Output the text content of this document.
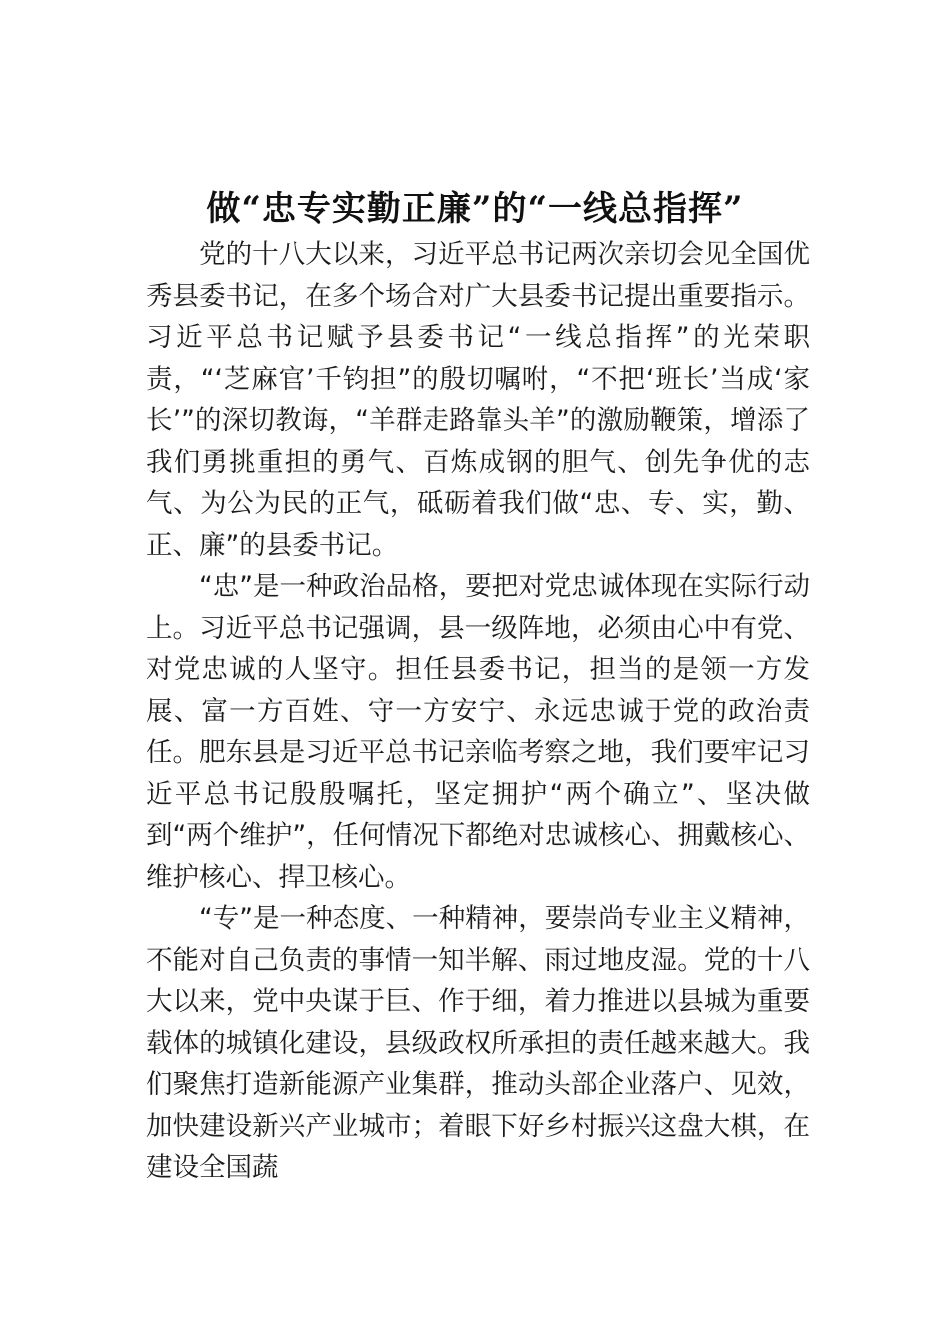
做“忠专实勤正廉”的“一线总指挥”

党的十八大以来，习近平总书记两次亲切会见全国优秀县委书记，在多个场合对广大县委书记提出重要指示。习近平总书记赋予县委书记“一线总指挥”的光荣职责，“‘芝麻官’千钧担”的殷切嘱咐，“不把‘班长’当成‘家长’”的深切教诲，“羊群走路靠头羊”的激励鞭策，增添了我们勇挑重担的勇气、百炼成钢的胆气、创先争优的志气、为公为民的正气，砥砺着我们做“忠、专、实，勤、正、廉”的县委书记。

“忠”是一种政治品格，要把对党忠诚体现在实际行动上。习近平总书记强调，县一级阵地，必须由心中有党、对党忠诚的人坚守。担任县委书记，担当的是领一方发展、富一方百姓、守一方安宁、永远忠诚于党的政治责任。肥东县是习近平总书记亲临考察之地，我们要牢记习近平总书记殷殷嘱托，坚定拥护“两个确立”、坚决做到“两个维护”，任何情况下都绝对忠诚核心、拥戴核心、维护核心、捍卫核心。

“专”是一种态度、一种精神，要崇尚专业主义精神，不能对自己负责的事情一知半解、雨过地皮湿。党的十八大以来，党中央谋于巨、作于细，着力推进以县城为重要载体的城镇化建设，县级政权所承担的责任越来越大。我们聚焦打造新能源产业集群，推动头部企业落户、见效，加快建设新兴产业城市；着眼下好乡村振兴这盘大棋，在建设全国蔬
